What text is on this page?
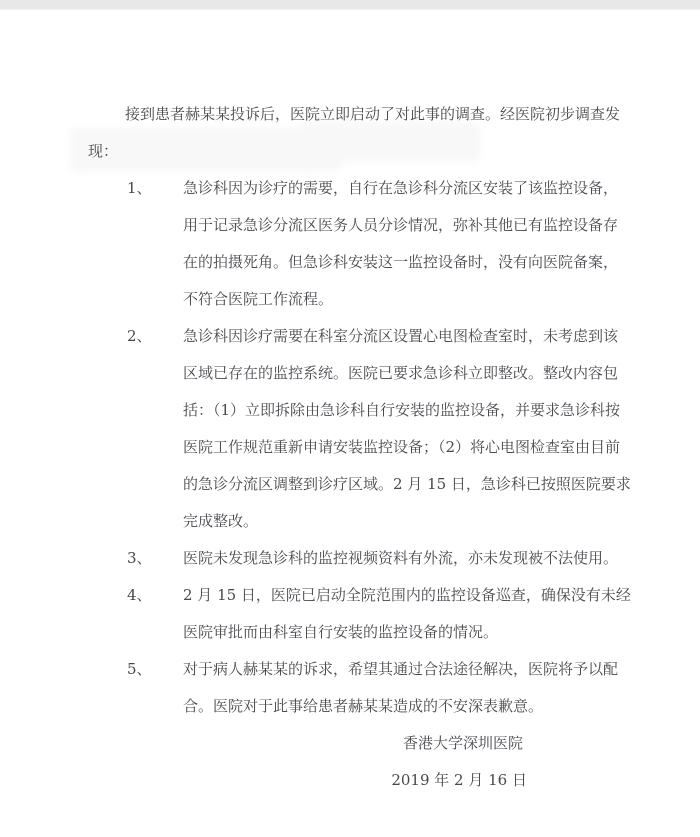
接到患者赫某某投诉后，医院立即启动了对此事的调查。经医院初步调查发

现：

1、 急诊科因为诊疗的需要，自行在急诊科分流区安装了该监控设备，

用于记录急诊分流区医务人员分诊情况，弥补其他已有监控设备存

在的拍摄死角。但急诊科安装这一监控设备时，没有向医院备案，

不符合医院工作流程。

2、 急诊科因诊疗需要在科室分流区设置心电图检查室时，未考虑到该

区域已存在的监控系统。医院已要求急诊科立即整改。整改内容包

括：（1）立即拆除由急诊科自行安装的监控设备，并要求急诊科按

医院工作规范重新申请安装监控设备；（2）将心电图检查室由目前

的急诊分流区调整到诊疗区域。2 月 15 日，急诊科已按照医院要求

完成整改。

3、 医院未发现急诊科的监控视频资料有外流，亦未发现被不法使用。

4、 2 月 15 日，医院已启动全院范围内的监控设备巡查，确保没有未经

医院审批而由科室自行安装的监控设备的情况。

5、 对于病人赫某某的诉求，希望其通过合法途径解决，医院将予以配

合。医院对于此事给患者赫某某造成的不安深表歉意。

香港大学深圳医院

2019 年 2 月 16 日
